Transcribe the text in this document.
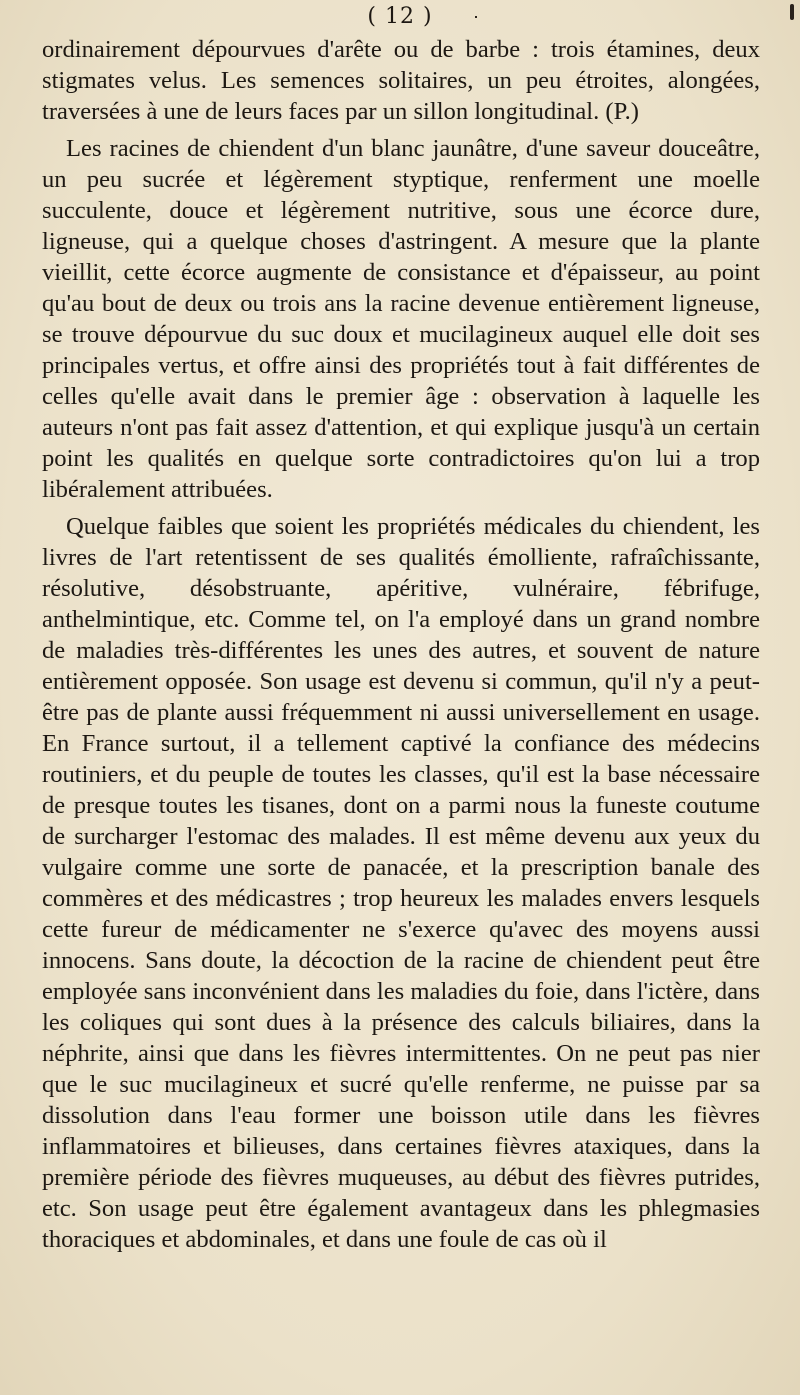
( 12 )

ordinairement dépourvues d'arête ou de barbe : trois étamines, deux stigmates velus. Les semences solitaires, un peu étroites, alongées, traversées à une de leurs faces par un sillon longitudinal. (P.)

Les racines de chiendent d'un blanc jaunâtre, d'une saveur douceâtre, un peu sucrée et légèrement styptique, renferment une moelle succulente, douce et légèrement nutritive, sous une écorce dure, ligneuse, qui a quelque choses d'astringent. A mesure que la plante vieillit, cette écorce augmente de consistance et d'épaisseur, au point qu'au bout de deux ou trois ans la racine devenue entièrement ligneuse, se trouve dépourvue du suc doux et mucilagineux auquel elle doit ses principales vertus, et offre ainsi des propriétés tout à fait différentes de celles qu'elle avait dans le premier âge : observation à laquelle les auteurs n'ont pas fait assez d'attention, et qui explique jusqu'à un certain point les qualités en quelque sorte contradictoires qu'on lui a trop libéralement attribuées.

Quelque faibles que soient les propriétés médicales du chiendent, les livres de l'art retentissent de ses qualités émolliente, rafraîchissante, résolutive, désobstruante, apéritive, vulnéraire, fébrifuge, anthelmintique, etc. Comme tel, on l'a employé dans un grand nombre de maladies très-différentes les unes des autres, et souvent de nature entièrement opposée. Son usage est devenu si commun, qu'il n'y a peut-être pas de plante aussi fréquemment ni aussi universellement en usage. En France surtout, il a tellement captivé la confiance des médecins routiniers, et du peuple de toutes les classes, qu'il est la base nécessaire de presque toutes les tisanes, dont on a parmi nous la funeste coutume de surcharger l'estomac des malades. Il est même devenu aux yeux du vulgaire comme une sorte de panacée, et la prescription banale des commères et des médicastres ; trop heureux les malades envers lesquels cette fureur de médicamenter ne s'exerce qu'avec des moyens aussi innocens. Sans doute, la décoction de la racine de chiendent peut être employée sans inconvénient dans les maladies du foie, dans l'ictère, dans les coliques qui sont dues à la présence des calculs biliaires, dans la néphrite, ainsi que dans les fièvres intermittentes. On ne peut pas nier que le suc mucilagineux et sucré qu'elle renferme, ne puisse par sa dissolution dans l'eau former une boisson utile dans les fièvres inflammatoires et bilieuses, dans certaines fièvres ataxiques, dans la première période des fièvres muqueuses, au début des fièvres putrides, etc. Son usage peut être également avantageux dans les phlegmasies thoraciques et abdominales, et dans une foule de cas où il
